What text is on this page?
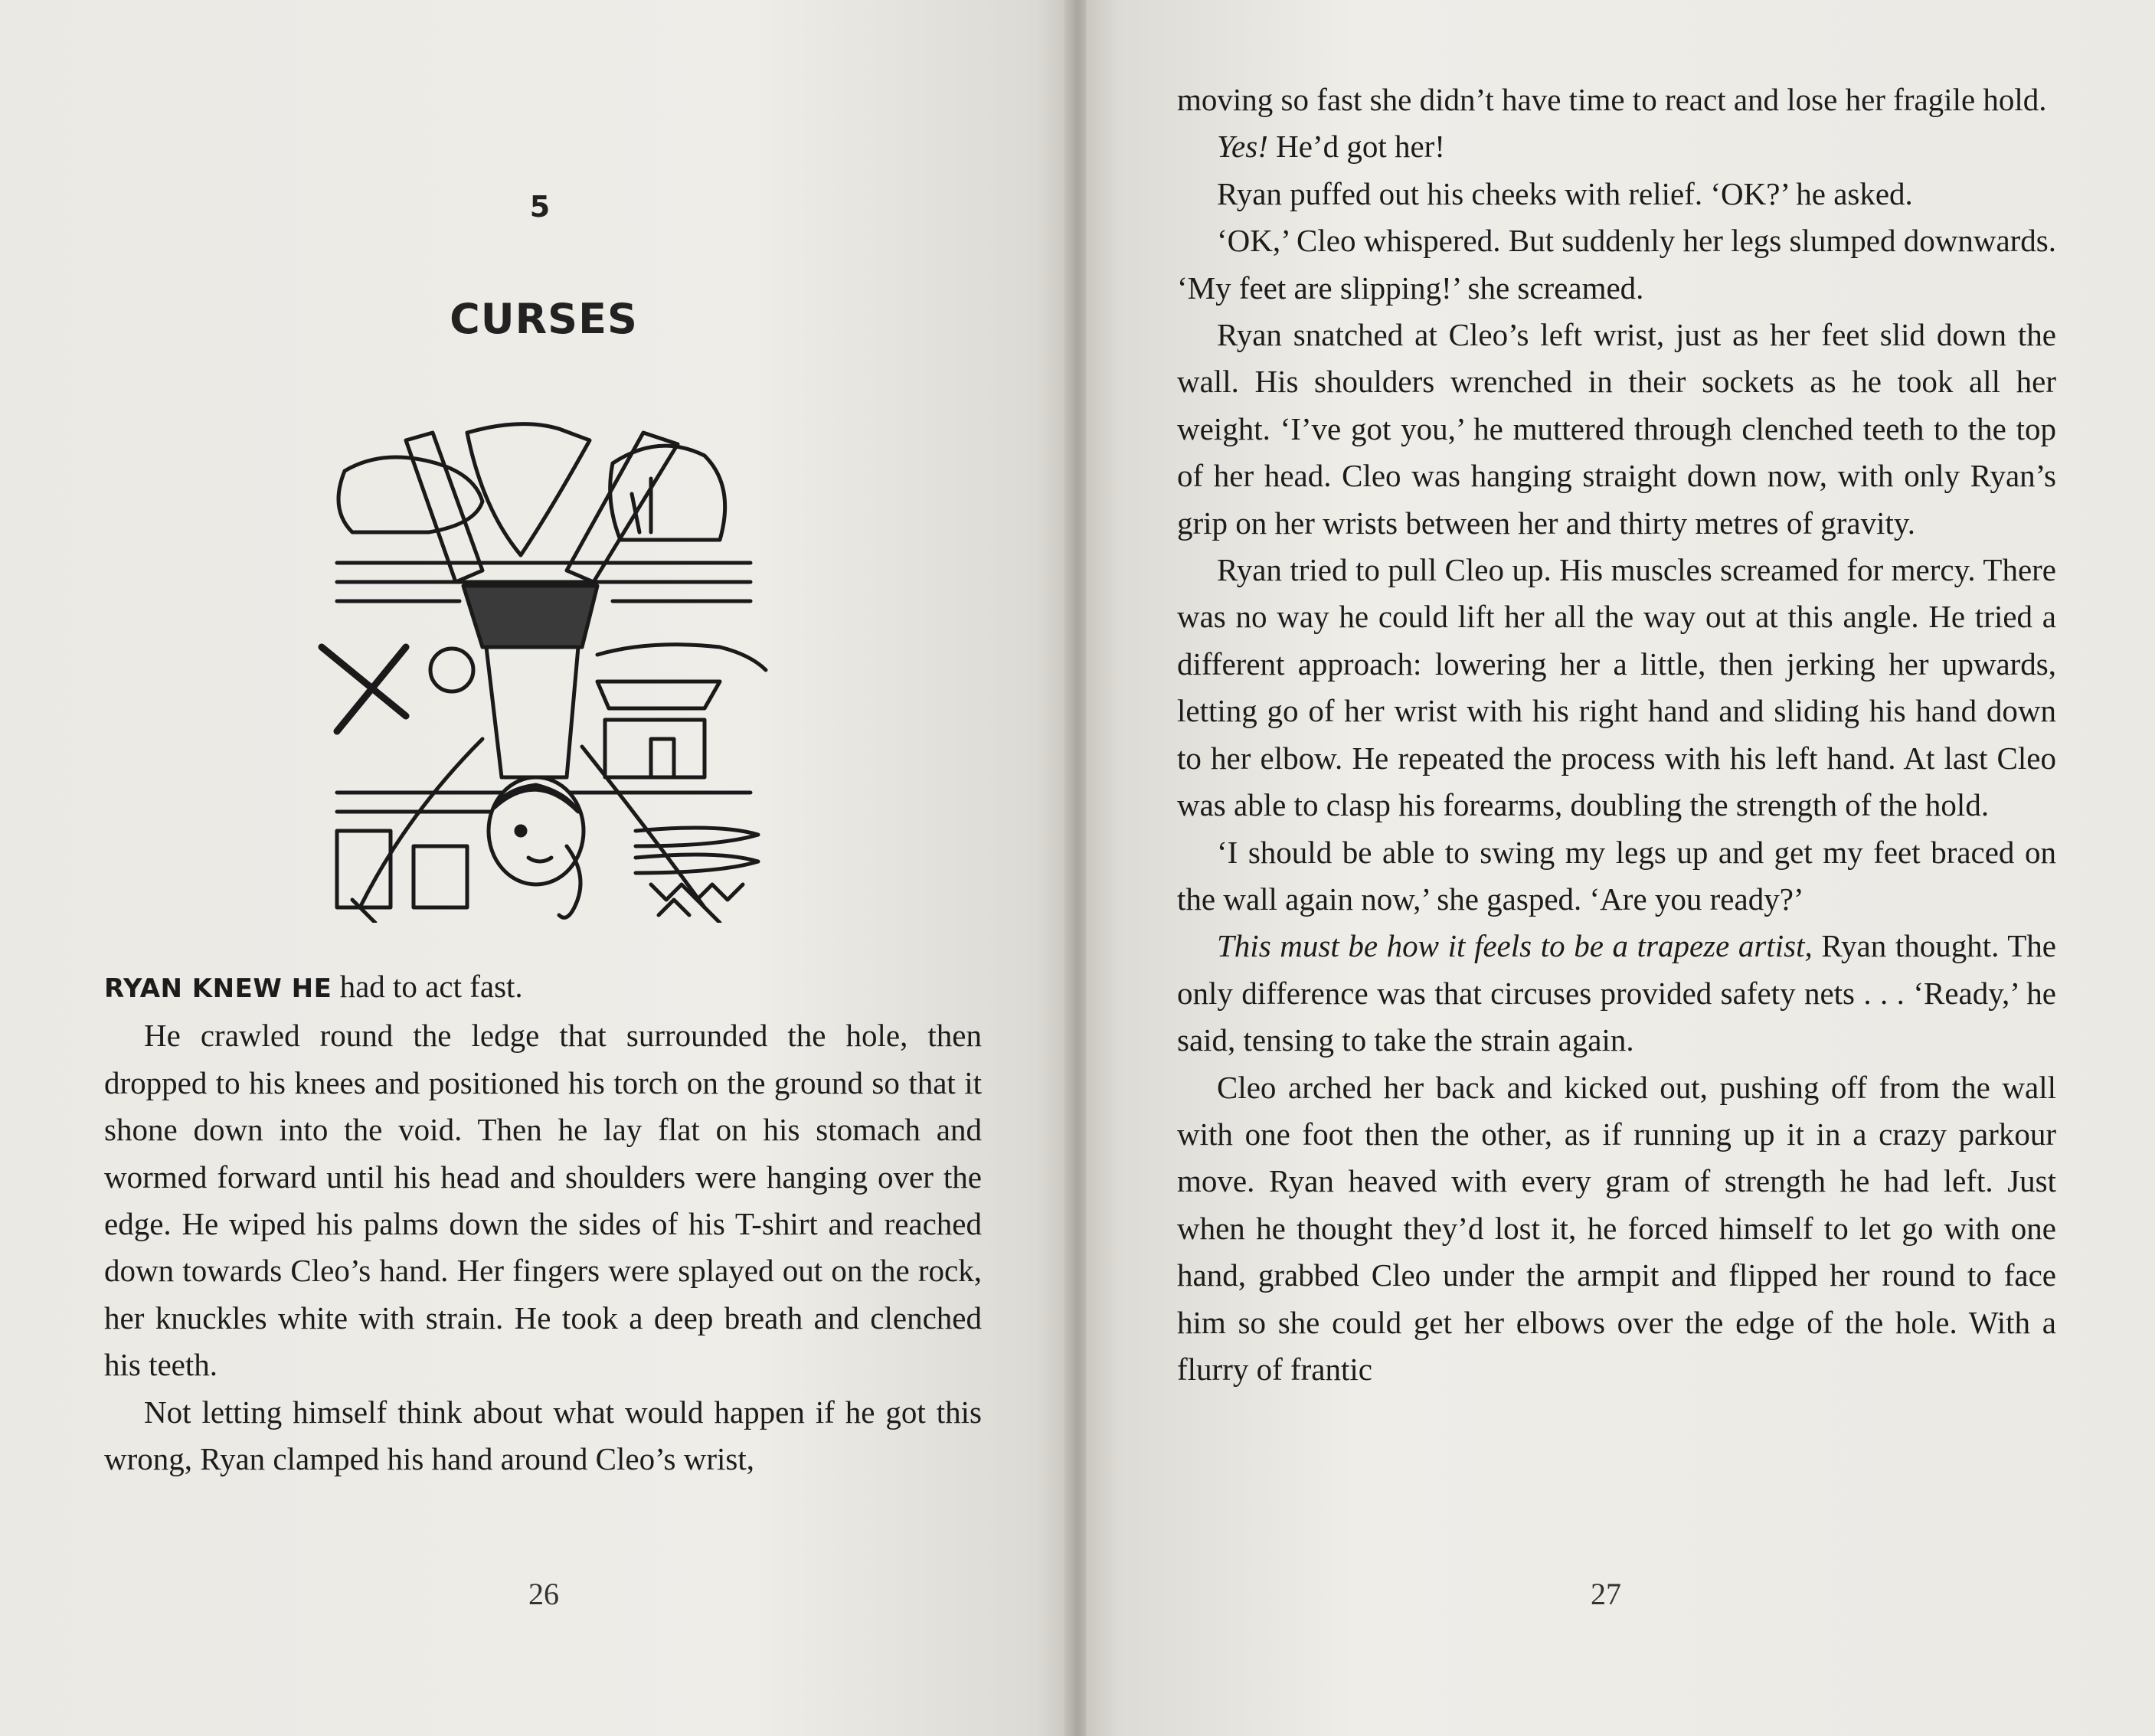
5
CURSES

RYAN KNEW HE had to act fast.

He crawled round the ledge that surrounded the hole, then dropped to his knees and positioned his torch on the ground so that it shone down into the void. Then he lay flat on his stomach and wormed forward until his head and shoulders were hanging over the edge. He wiped his palms down the sides of his T-shirt and reached down towards Cleo’s hand. Her fingers were splayed out on the rock, her knuckles white with strain. He took a deep breath and clenched his teeth.

Not letting himself think about what would happen if he got this wrong, Ryan clamped his hand around Cleo’s wrist,

26

moving so fast she didn’t have time to react and lose her fragile hold.

Yes! He’d got her!

Ryan puffed out his cheeks with relief. ‘OK?’ he asked.

‘OK,’ Cleo whispered. But suddenly her legs slumped downwards. ‘My feet are slipping!’ she screamed.

Ryan snatched at Cleo’s left wrist, just as her feet slid down the wall. His shoulders wrenched in their sockets as he took all her weight. ‘I’ve got you,’ he muttered through clenched teeth to the top of her head. Cleo was hanging straight down now, with only Ryan’s grip on her wrists between her and thirty metres of gravity.

Ryan tried to pull Cleo up. His muscles screamed for mercy. There was no way he could lift her all the way out at this angle. He tried a different approach: lowering her a little, then jerking her upwards, letting go of her wrist with his right hand and sliding his hand down to her elbow. He repeated the process with his left hand. At last Cleo was able to clasp his forearms, doubling the strength of the hold.

‘I should be able to swing my legs up and get my feet braced on the wall again now,’ she gasped. ‘Are you ready?’

This must be how it feels to be a trapeze artist, Ryan thought. The only difference was that circuses provided safety nets . . . ‘Ready,’ he said, tensing to take the strain again.

Cleo arched her back and kicked out, pushing off from the wall with one foot then the other, as if running up it in a crazy parkour move. Ryan heaved with every gram of strength he had left. Just when he thought they’d lost it, he forced himself to let go with one hand, grabbed Cleo under the armpit and flipped her round to face him so she could get her elbows over the edge of the hole. With a flurry of frantic

27
